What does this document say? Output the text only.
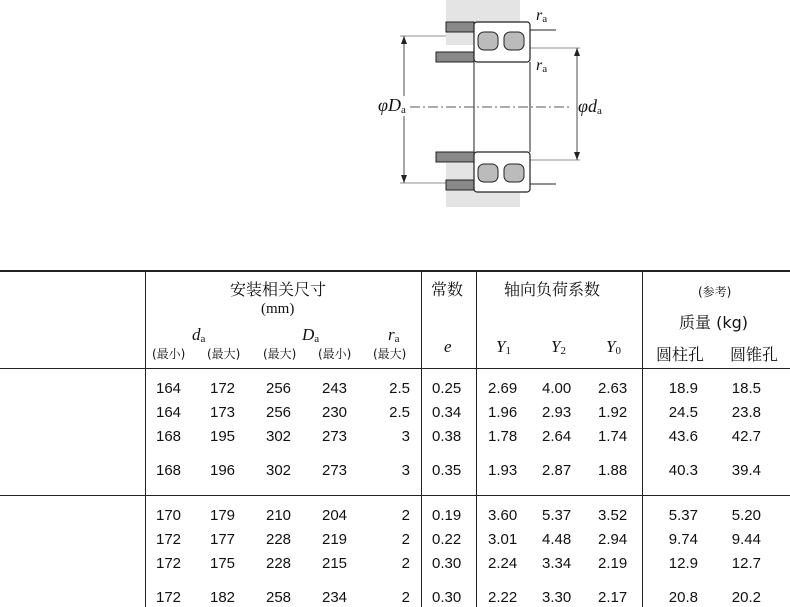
ra
ra
φDa	φda
安装相关尺寸
(mm)
da	Da	ra
(最小) (最大) (最大) (最小) (最大)
常数
e
轴向负荷系数
Y1 Y2 Y0
(参考)
质量 (kg)
圆柱孔 圆锥孔
164 172 256 243	2.5 0.25 2.69 4.00 2.63	18.9 18.5
164 173 256 230	2.5 0.34 1.96 2.93 1.92	24.5 23.8
168 195 302 273	3 0.38 1.78 2.64 1.74	43.6 42.7
168 196 302 273	3 0.35 1.93 2.87 1.88	40.3 39.4
170 179 210 204	2 0.19 3.60 5.37 3.52	5.37 5.20
172 177 228 219	2 0.22 3.01 4.48 2.94	9.74 9.44
172 175 228 215	2 0.30 2.24 3.34 2.19	12.9 12.7
172 182 258 234	2 0.30 2.22 3.30 2.17	20.8 20.2
